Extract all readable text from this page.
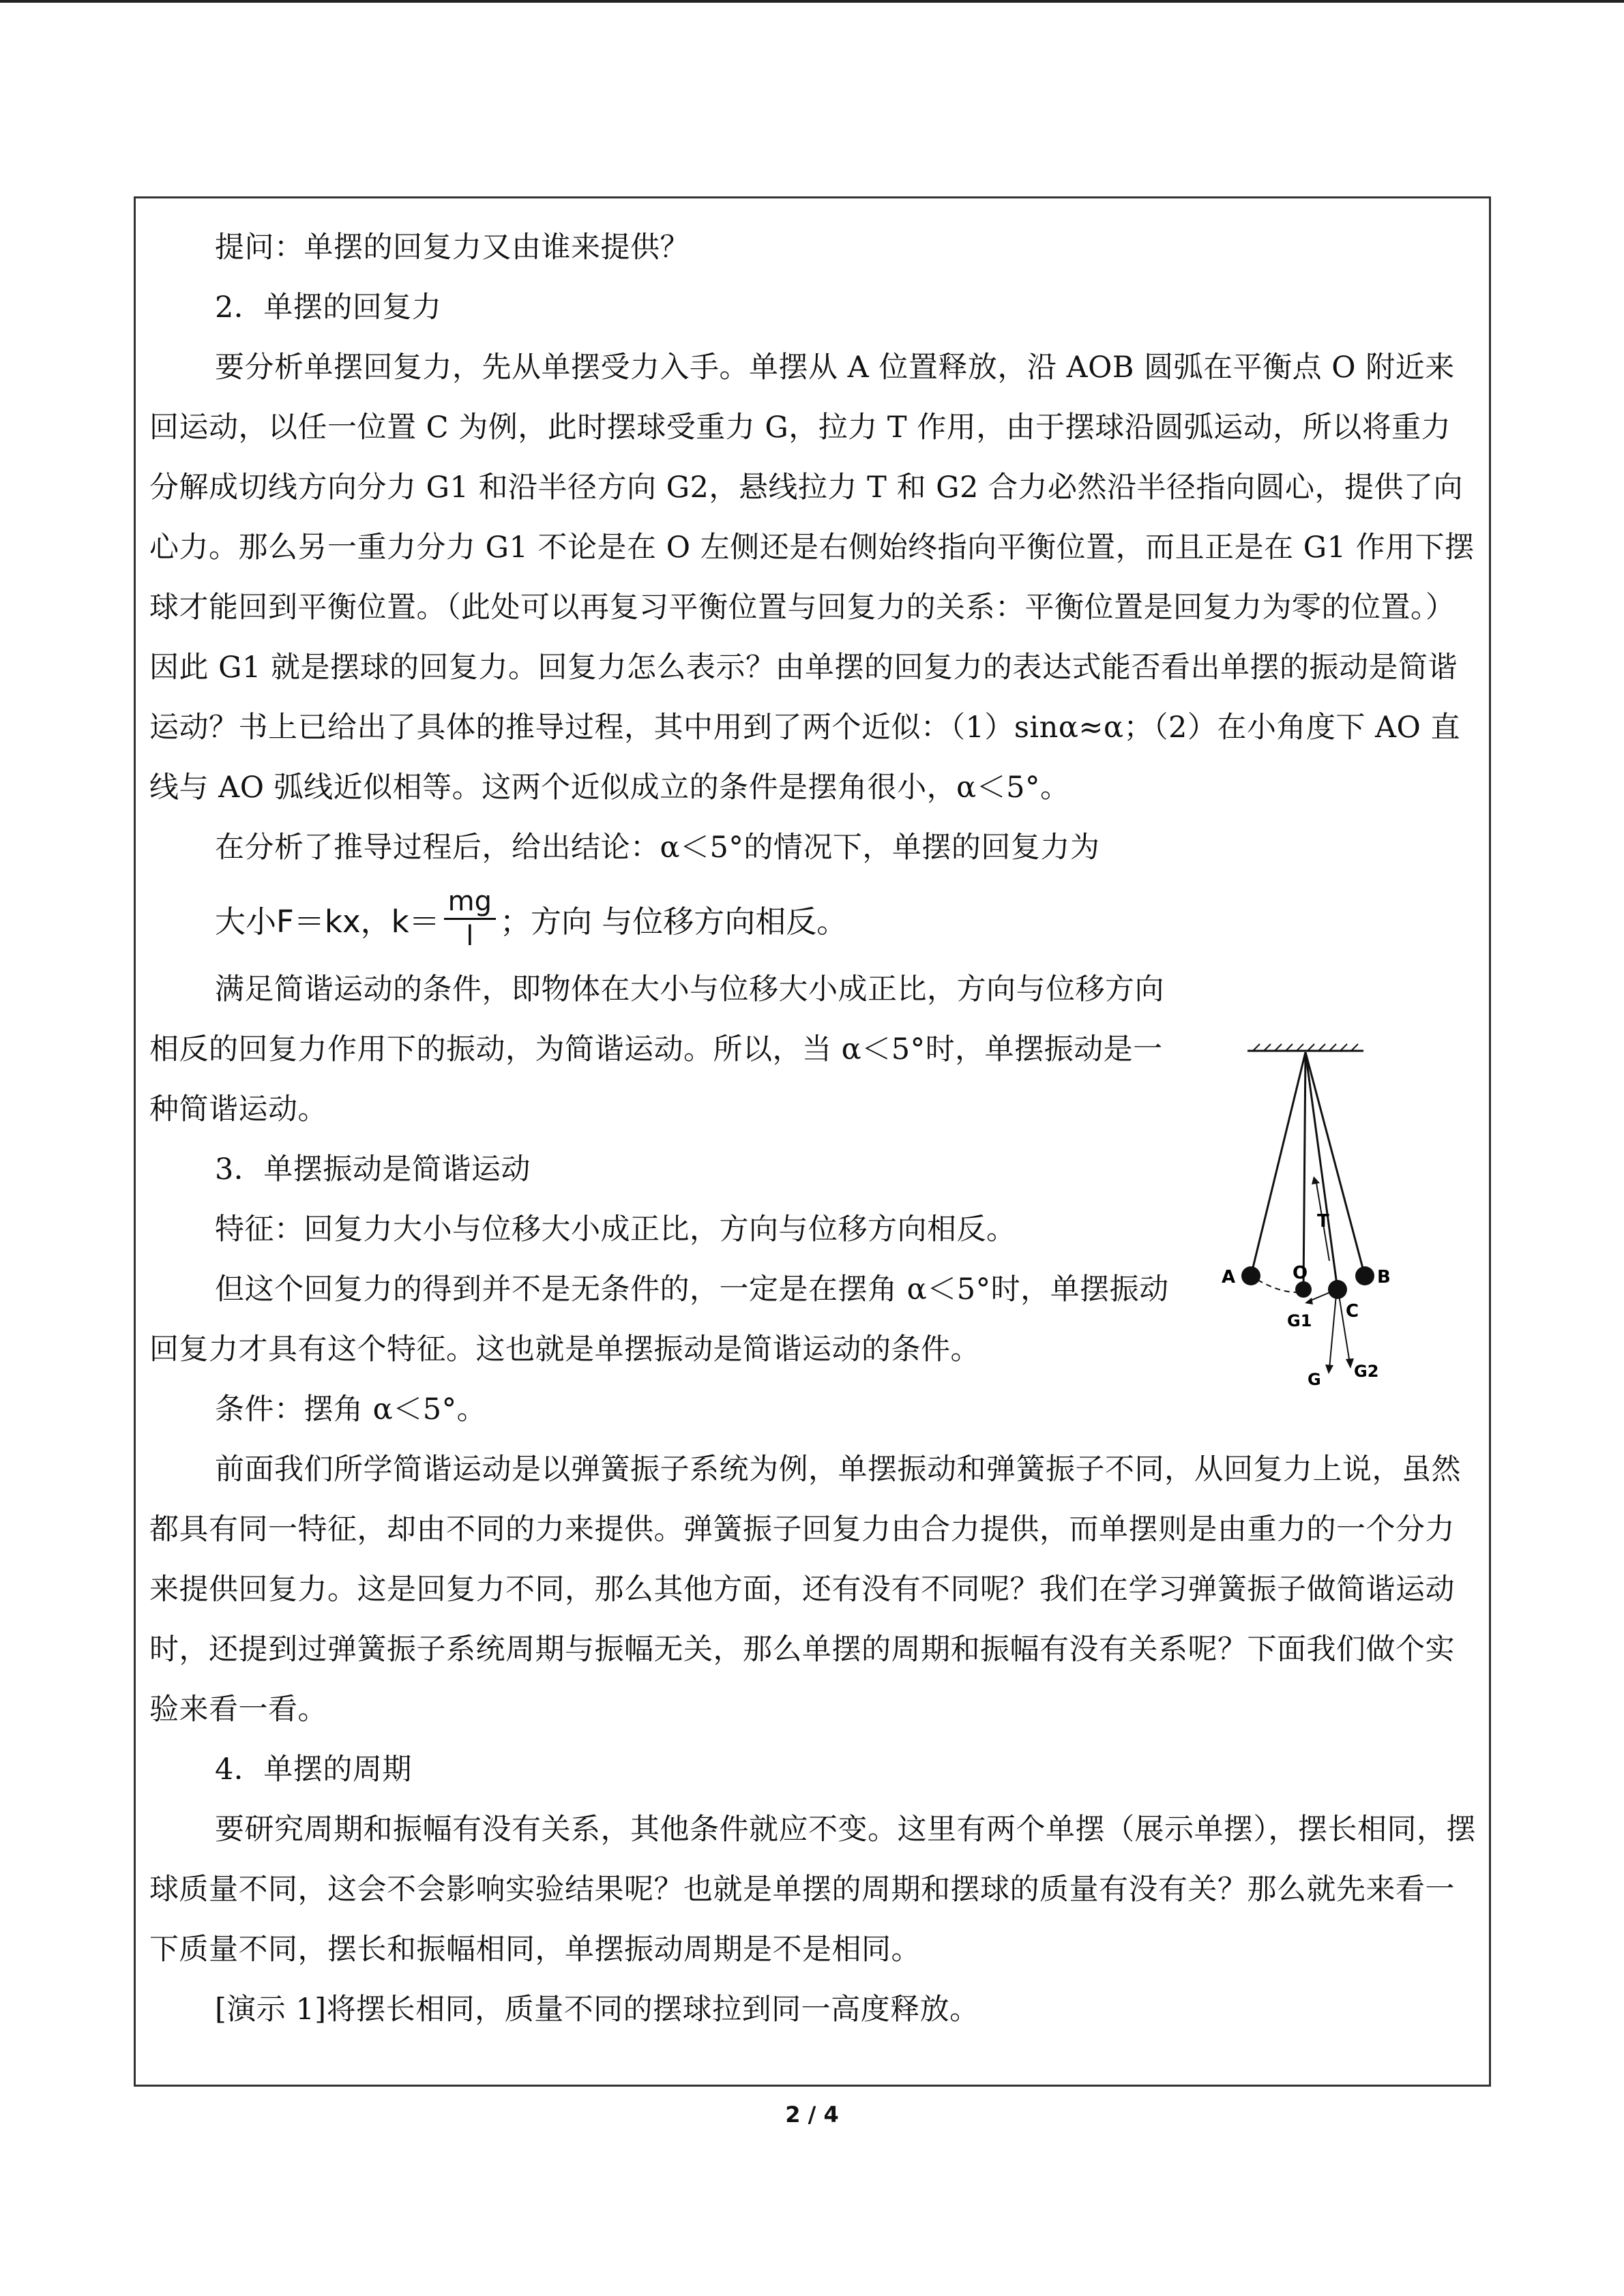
提问：单摆的回复力又由谁来提供？

2．单摆的回复力

要分析单摆回复力，先从单摆受力入手。单摆从 A 位置释放，沿 AOB 圆弧在平衡点 O 附近来回运动，以任一位置 C 为例，此时摆球受重力 G，拉力 T 作用，由于摆球沿圆弧运动，所以将重力分解成切线方向分力 G1 和沿半径方向 G2，悬线拉力 T 和 G2 合力必然沿半径指向圆心，提供了向心力。那么另一重力分力 G1 不论是在 O 左侧还是右侧始终指向平衡位置，而且正是在 G1 作用下摆球才能回到平衡位置。（此处可以再复习平衡位置与回复力的关系：平衡位置是回复力为零的位置。）因此 G1 就是摆球的回复力。回复力怎么表示？由单摆的回复力的表达式能否看出单摆的振动是简谐运动？书上已给出了具体的推导过程，其中用到了两个近似：（1）sinα≈α；（2）在小角度下 AO 直线与 AO 弧线近似相等。这两个近似成立的条件是摆角很小，α＜5°。

在分析了推导过程后，给出结论：α＜5°的情况下，单摆的回复力为

大小F＝kx，$k= \frac{mg}{l}$ ；方向 与位移方向相反。

满足简谐运动的条件，即物体在大小与位移大小成正比，方向与位移方向相反的回复力作用下的振动，为简谐运动。所以，当 α＜5°时，单摆振动是一种简谐运动。

3．单摆振动是简谐运动

特征：回复力大小与位移大小成正比，方向与位移方向相反。

但这个回复力的得到并不是无条件的，一定是在摆角 α＜5°时，单摆振动回复力才具有这个特征。这也就是单摆振动是简谐运动的条件。

条件：摆角 α＜5°。

前面我们所学简谐运动是以弹簧振子系统为例，单摆振动和弹簧振子不同，从回复力上说，虽然都具有同一特征，却由不同的力来提供。弹簧振子回复力由合力提供，而单摆则是由重力的一个分力来提供回复力。这是回复力不同，那么其他方面，还有没有不同呢？我们在学习弹簧振子做简谐运动时，还提到过弹簧振子系统周期与振幅无关，那么单摆的周期和振幅有没有关系呢？下面我们做个实验来看一看。

4．单摆的周期

要研究周期和振幅有没有关系，其他条件就应不变。这里有两个单摆（展示单摆），摆长相同，摆球质量不同，这会不会影响实验结果呢？也就是单摆的周期和摆球的质量有没有关？那么就先来看一下质量不同，摆长和振幅相同，单摆振动周期是不是相同。

[演示 1]将摆长相同，质量不同的摆球拉到同一高度释放。

T
A	O	B
C
G1
G G2
2 / 4
